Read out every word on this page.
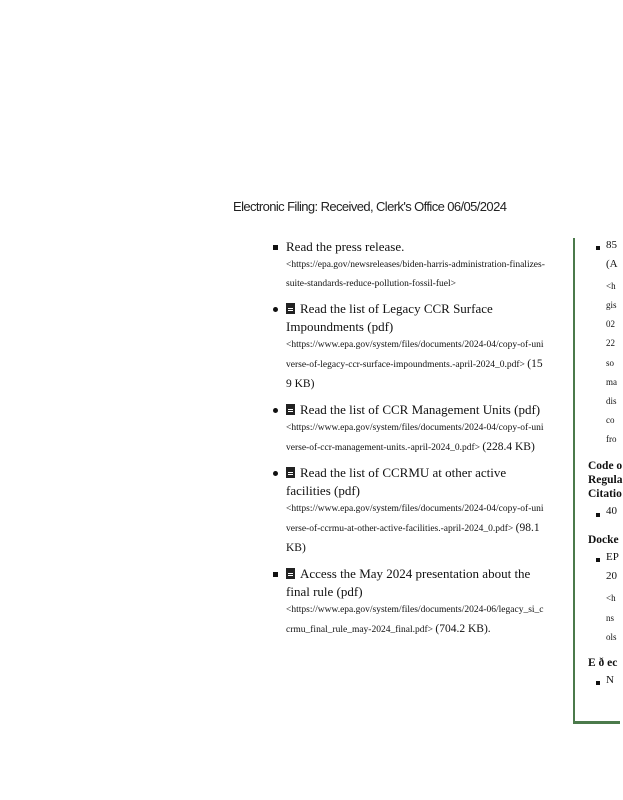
Electronic Filing: Received, Clerk's Office 06/05/2024
Read the press release.
<https://epa.gov/newsreleases/biden-harris-administration-finalizes-suite-standards-reduce-pollution-fossil-fuel>
Read the list of Legacy CCR Surface Impoundments (pdf)
<https://www.epa.gov/system/files/documents/2024-04/copy-of-universe-of-legacy-ccr-surface-impoundments.-april-2024_0.pdf> (159 KB)
Read the list of CCR Management Units (pdf)
<https://www.epa.gov/system/files/documents/2024-04/copy-of-universe-of-ccr-management-units.-april-2024_0.pdf> (228.4 KB)
Read the list of CCRMU at other active facilities (pdf)
<https://www.epa.gov/system/files/documents/2024-04/copy-of-universe-of-ccrmu-at-other-active-facilities.-april-2024_0.pdf> (98.1 KB)
Access the May 2024 presentation about the final rule (pdf)
<https://www.epa.gov/system/files/documents/2024-06/legacy_si_ccrmu_final_rule_may-2024_final.pdf> (704.2 KB).
85
(A
<h
gis
02
22
so
ma
dis
co
fro
Code o
Regula
Citatio
40
Docke
EP
20
<h
ns
ols
E ð ec
N
